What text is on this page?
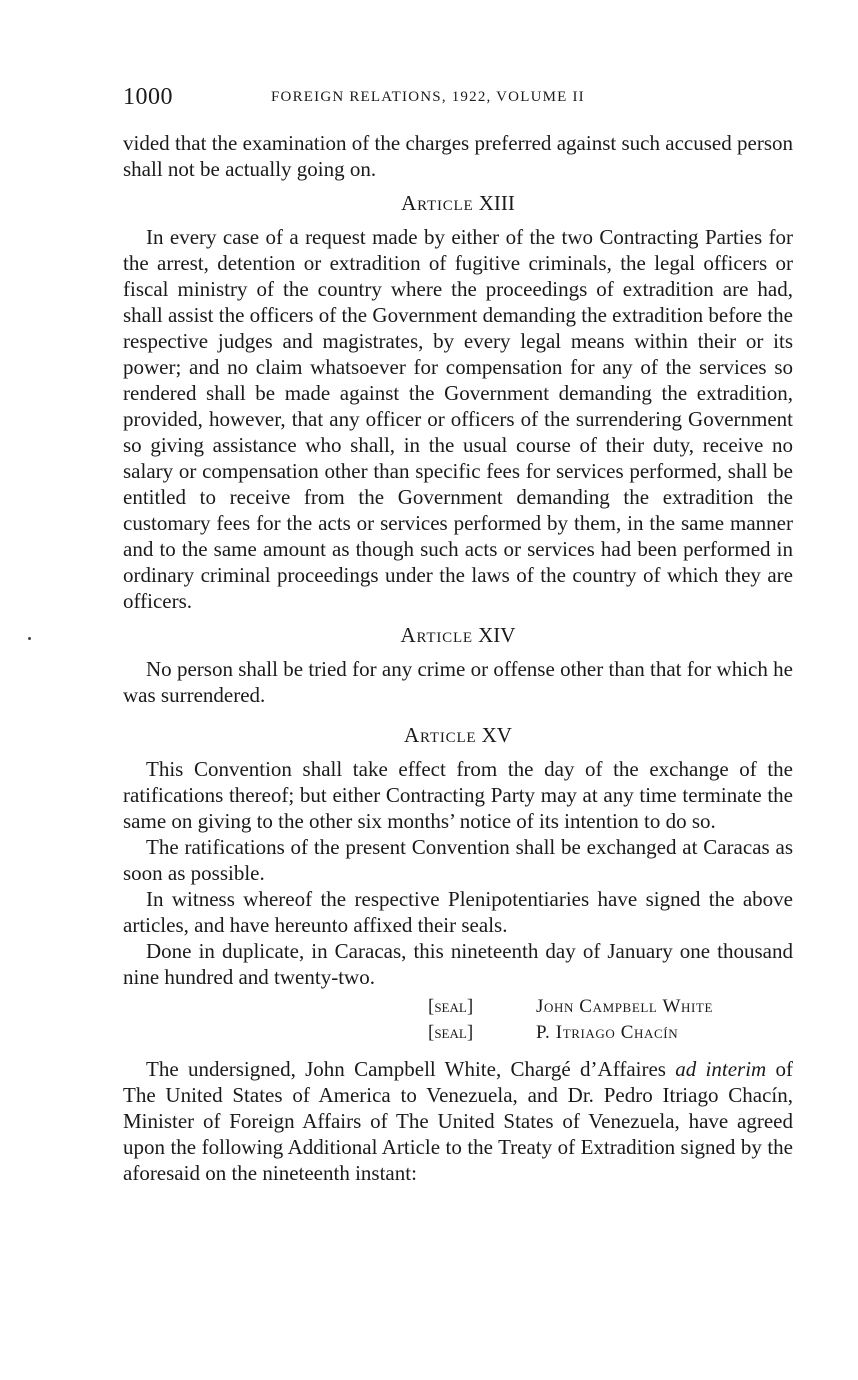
1000	FOREIGN RELATIONS, 1922, VOLUME II

vided that the examination of the charges preferred against such accused person shall not be actually going on.

Article XIII

In every case of a request made by either of the two Contracting Parties for the arrest, detention or extradition of fugitive criminals, the legal officers or fiscal ministry of the country where the proceedings of extradition are had, shall assist the officers of the Government demanding the extradition before the respective judges and magistrates, by every legal means within their or its power; and no claim whatsoever for compensation for any of the services so rendered shall be made against the Government demanding the extradition, provided, however, that any officer or officers of the surrendering Government so giving assistance who shall, in the usual course of their duty, receive no salary or compensation other than specific fees for services performed, shall be entitled to receive from the Government demanding the extradition the customary fees for the acts or services performed by them, in the same manner and to the same amount as though such acts or services had been performed in ordinary criminal proceedings under the laws of the country of which they are officers.

Article XIV

No person shall be tried for any crime or offense other than that for which he was surrendered.

Article XV

This Convention shall take effect from the day of the exchange of the ratifications thereof; but either Contracting Party may at any time terminate the same on giving to the other six months’ notice of its intention to do so.

The ratifications of the present Convention shall be exchanged at Caracas as soon as possible.

In witness whereof the respective Plenipotentiaries have signed the above articles, and have hereunto affixed their seals.

Done in duplicate, in Caracas, this nineteenth day of January one thousand nine hundred and twenty-two.

[seal]	John Campbell White
[seal]	P. Itriago Chacín

The undersigned, John Campbell White, Chargé d’Affaires ad interim of The United States of America to Venezuela, and Dr. Pedro Itriago Chacín, Minister of Foreign Affairs of The United States of Venezuela, have agreed upon the following Additional Article to the Treaty of Extradition signed by the aforesaid on the nineteenth instant:
